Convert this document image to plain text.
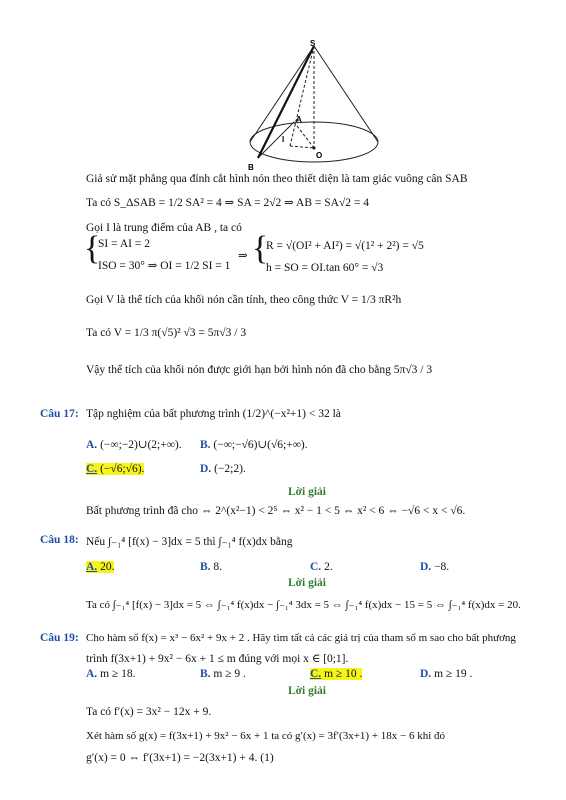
S
A
I
O
B
Giả sử mặt phẳng qua đỉnh cắt hình nón theo thiết diện là tam giác vuông cân SAB
Ta có S_ΔSAB = 1/2 SA² = 4 ⇒ SA = 2√2 ⇒ AB = SA√2 = 4
Gọi I là trung điểm của AB , ta có
{
SI = AI = 2
ISO = 30° ⇒ OI = 1/2 SI = 1
⇒ {
R = √(OI² + AI²) = √(1² + 2²) = √5
h = SO = OI.tan 60° = √3
Gọi V là thể tích của khối nón cần tính, theo công thức V = 1/3 πR²h
Ta có V = 1/3 π(√5)² √3 = 5π√3 / 3
Vậy thể tích của khối nón được giới hạn bởi hình nón đã cho bằng 5π√3 / 3
Câu 17: Tập nghiệm của bất phương trình (1/2)^(−x²+1) < 32 là
A. (−∞;−2)∪(2;+∞). B. (−∞;−√6)∪(√6;+∞).
C. (−√6;√6).	D. (−2;2).
Lời giải
Bất phương trình đã cho ⇔ 2^(x²−1) < 2⁵ ⇔ x² − 1 < 5 ⇔ x² < 6 ⇔ −√6 < x < √6.
Câu 18: Nếu ∫₋₁⁴ [f(x) − 3]dx = 5 thì ∫₋₁⁴ f(x)dx bằng
A. 20.	B. 8.	C. 2.	D. −8.
Lời giải
Ta có ∫₋₁⁴ [f(x) − 3]dx = 5 ⇔ ∫₋₁⁴ f(x)dx − ∫₋₁⁴ 3dx = 5 ⇔ ∫₋₁⁴ f(x)dx − 15 = 5 ⇔ ∫₋₁⁴ f(x)dx = 20.
Câu 19: Cho hàm số f(x) = x³ − 6x² + 9x + 2 . Hãy tìm tất cả các giá trị của tham số m sao cho bất phương
trình f(3x+1) + 9x² − 6x + 1 ≤ m đúng với mọi x ∈ [0;1].
A. m ≥ 18.	B. m ≥ 9 .	C. m ≥ 10 .	D. m ≥ 19 .
Lời giải
Ta có f′(x) = 3x² − 12x + 9.
Xét hàm số g(x) = f(3x+1) + 9x² − 6x + 1 ta có g′(x) = 3f′(3x+1) + 18x − 6 khi đó
g′(x) = 0 ⇔ f′(3x+1) = −2(3x+1) + 4. (1)
